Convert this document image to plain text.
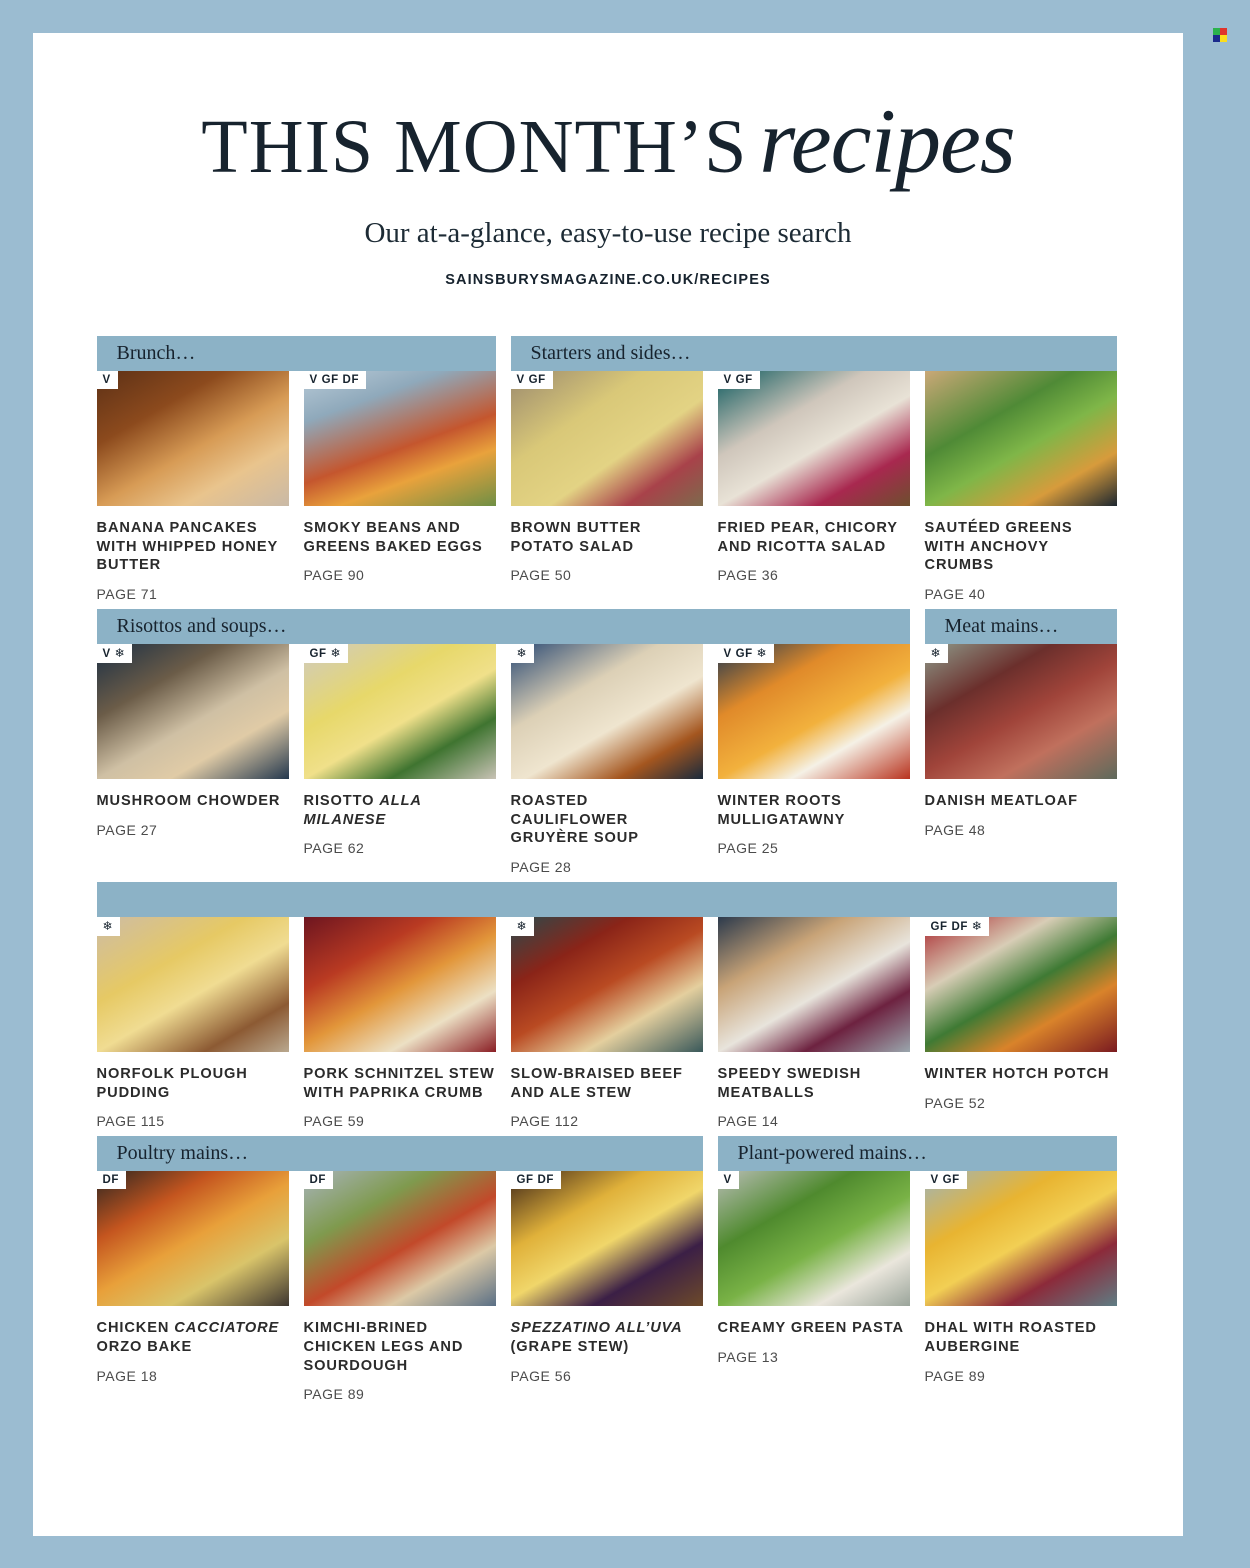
THIS MONTH’S recipes
Our at-a-glance, easy-to-use recipe search
SAINSBURYSMAGAZINE.CO.UK/RECIPES
Brunch…	Starters and sides…
V
BANANA PANCAKES WITH WHIPPED HONEY BUTTER
PAGE 71
V GF DF
SMOKY BEANS AND GREENS BAKED EGGS
PAGE 90
V GF
BROWN BUTTER POTATO SALAD
PAGE 50
V GF
FRIED PEAR, CHICORY AND RICOTTA SALAD
PAGE 36
SAUTÉED GREENS WITH ANCHOVY CRUMBS
PAGE 40
Risottos and soups…	Meat mains…
V ❄
MUSHROOM CHOWDER
PAGE 27
GF ❄
RISOTTO ALLA MILANESE
PAGE 62
❄
ROASTED CAULIFLOWER GRUYÈRE SOUP
PAGE 28
V GF ❄
WINTER ROOTS MULLIGATAWNY
PAGE 25
❄
DANISH MEATLOAF
PAGE 48
❄
NORFOLK PLOUGH PUDDING
PAGE 115
PORK SCHNITZEL STEW WITH PAPRIKA CRUMB
PAGE 59
❄
SLOW-BRAISED BEEF AND ALE STEW
PAGE 112
SPEEDY SWEDISH MEATBALLS
PAGE 14
GF DF ❄
WINTER HOTCH POTCH
PAGE 52
Poultry mains…	Plant-powered mains…
DF
CHICKEN CACCIATORE ORZO BAKE
PAGE 18
DF
KIMCHI-BRINED CHICKEN LEGS AND SOURDOUGH
PAGE 89
GF DF
SPEZZATINO ALL’UVA (GRAPE STEW)
PAGE 56
V
CREAMY GREEN PASTA
PAGE 13
V GF
DHAL WITH ROASTED AUBERGINE
PAGE 89
